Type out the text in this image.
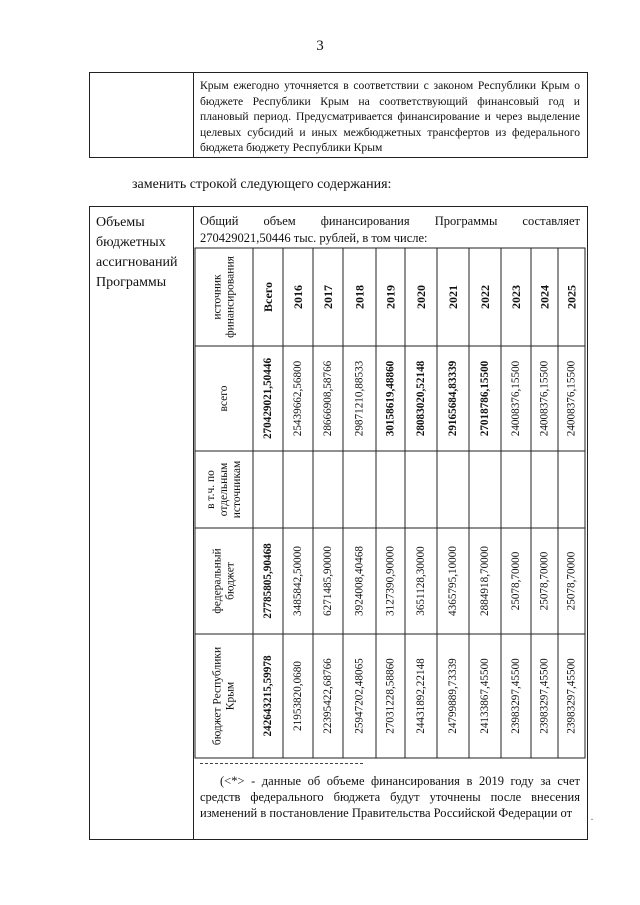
3
Крым ежегодно уточняется в соответствии с законом Республики Крым о бюджете Республики Крым на соответствующий финансовый год и плановый период. Предусматривается финансирование и через выделение целевых субсидий и иных межбюджетных трансфертов из федерального бюджета бюджету Республики Крым
заменить строкой следующего содержания:
Объемы бюджетных ассигнований Программы
Общий объем финансирования Программы составляет
270429021,50446 тыс. рублей, в том числе:
источник финансирования
всего
в т.ч. по отдельным источникам
федеральный бюджет
бюджет Республики Крым
Всего
270429021,50446
27785805,90468
242643215,59978
2016
25439662,56800
3485842,50000
21953820,0680
2017
28666908,58766
6271485,90000
22395422,68766
2018
29871210,88533
3924008,40468
25947202,48065
2019
30158619,48860
3127390,90000
27031228,58860
2020
28083020,52148
3651128,30000
24431892,22148
2021
29165684,83339
4365795,10000
24799889,73339
2022
27018786,15500
2884918,70000
24133867,45500
2023
24008376,15500
25078,70000
23983297,45500
2024
24008376,15500
25078,70000
23983297,45500
2025
24008376,15500
25078,70000
23983297,45500
(<*> - данные об объеме финансирования в 2019 году за счет средств федерального бюджета будут уточнены после внесения изменений в постановление Правительства Российской Федерации от	·
